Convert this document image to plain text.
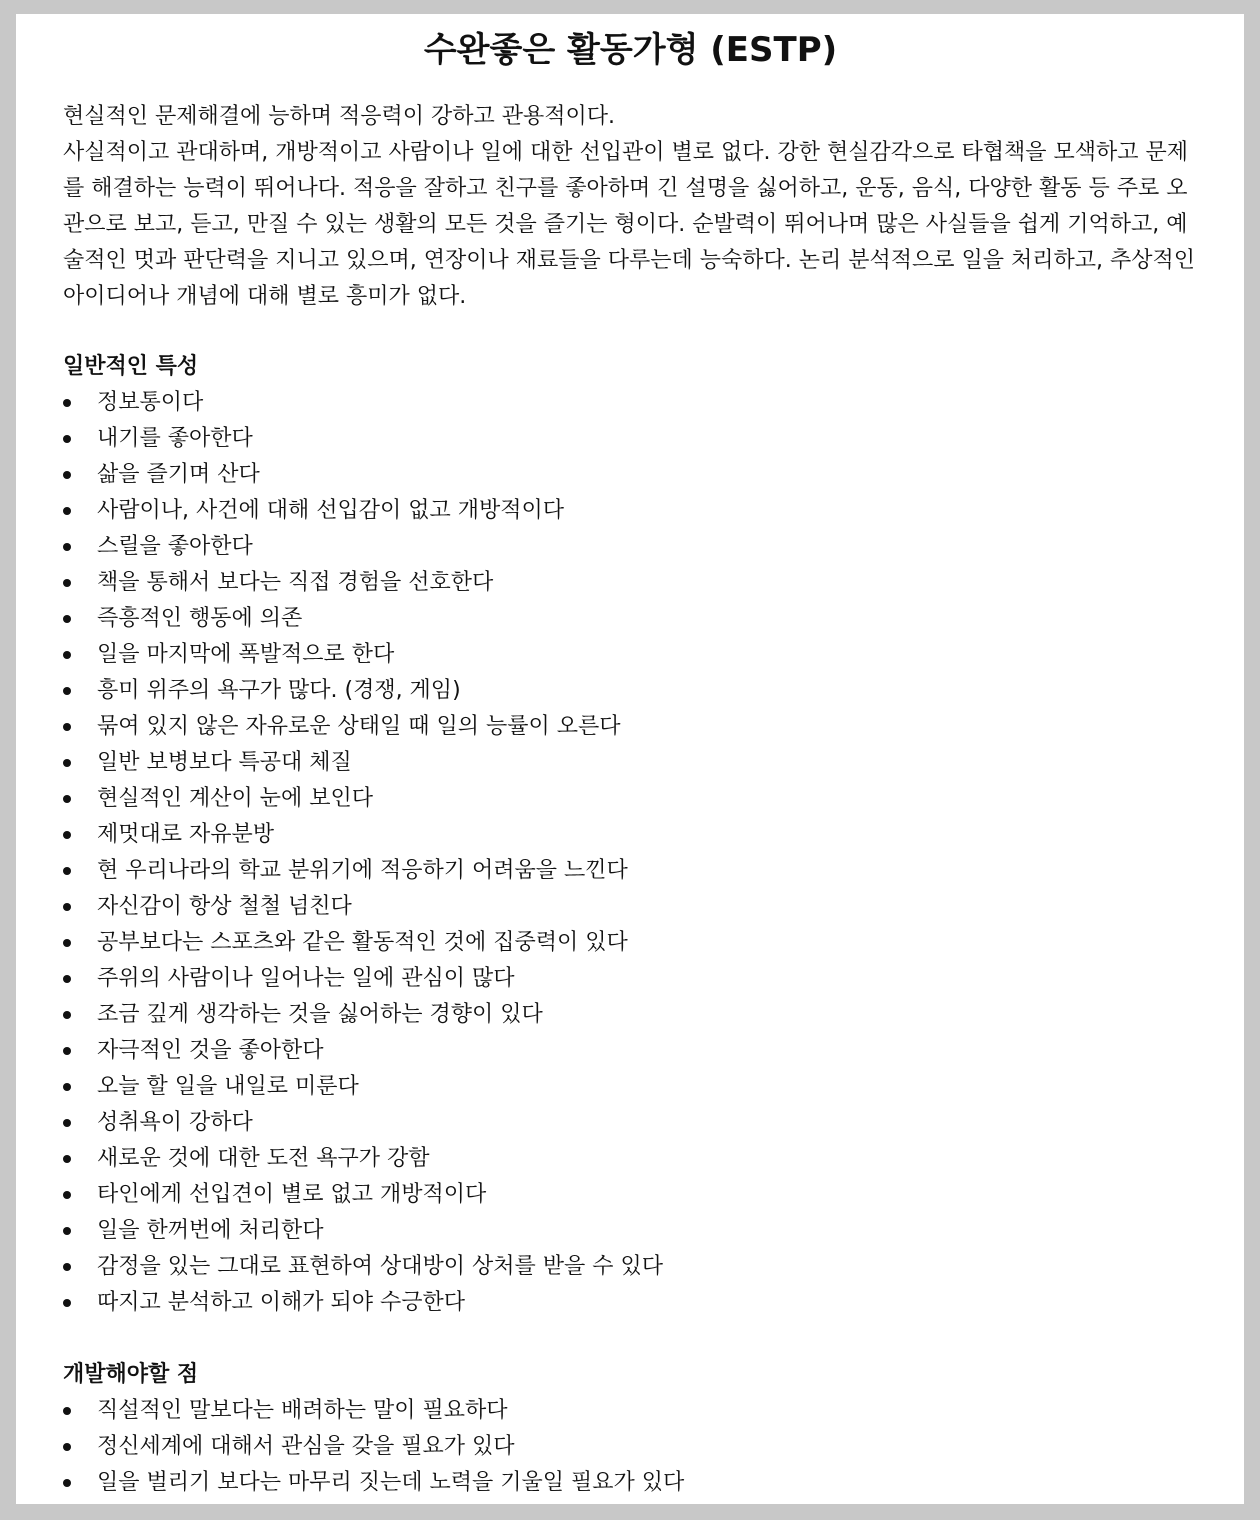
수완좋은 활동가형 (ESTP)

현실적인 문제해결에 능하며 적응력이 강하고 관용적이다.

사실적이고 관대하며, 개방적이고 사람이나 일에 대한 선입관이 별로 없다. 강한 현실감각으로 타협책을 모색하고 문제를 해결하는 능력이 뛰어나다. 적응을 잘하고 친구를 좋아하며 긴 설명을 싫어하고, 운동, 음식, 다양한 활동 등 주로 오관으로 보고, 듣고, 만질 수 있는 생활의 모든 것을 즐기는 형이다. 순발력이 뛰어나며 많은 사실들을 쉽게 기억하고, 예술적인 멋과 판단력을 지니고 있으며, 연장이나 재료들을 다루는데 능숙하다. 논리 분석적으로 일을 처리하고, 추상적인 아이디어나 개념에 대해 별로 흥미가 없다.

일반적인 특성
정보통이다
내기를 좋아한다
삶을 즐기며 산다
사람이나, 사건에 대해 선입감이 없고 개방적이다
스릴을 좋아한다
책을 통해서 보다는 직접 경험을 선호한다
즉흥적인 행동에 의존
일을 마지막에 폭발적으로 한다
흥미 위주의 욕구가 많다. (경쟁, 게임)
묶여 있지 않은 자유로운 상태일 때 일의 능률이 오른다
일반 보병보다 특공대 체질
현실적인 계산이 눈에 보인다
제멋대로 자유분방
현 우리나라의 학교 분위기에 적응하기 어려움을 느낀다
자신감이 항상 철철 넘친다
공부보다는 스포츠와 같은 활동적인 것에 집중력이 있다
주위의 사람이나 일어나는 일에 관심이 많다
조금 깊게 생각하는 것을 싫어하는 경향이 있다
자극적인 것을 좋아한다
오늘 할 일을 내일로 미룬다
성취욕이 강하다
새로운 것에 대한 도전 욕구가 강함
타인에게 선입견이 별로 없고 개방적이다
일을 한꺼번에 처리한다
감정을 있는 그대로 표현하여 상대방이 상처를 받을 수 있다
따지고 분석하고 이해가 되야 수긍한다
개발해야할 점
직설적인 말보다는 배려하는 말이 필요하다
정신세계에 대해서 관심을 갖을 필요가 있다
일을 벌리기 보다는 마무리 짓는데 노력을 기울일 필요가 있다
